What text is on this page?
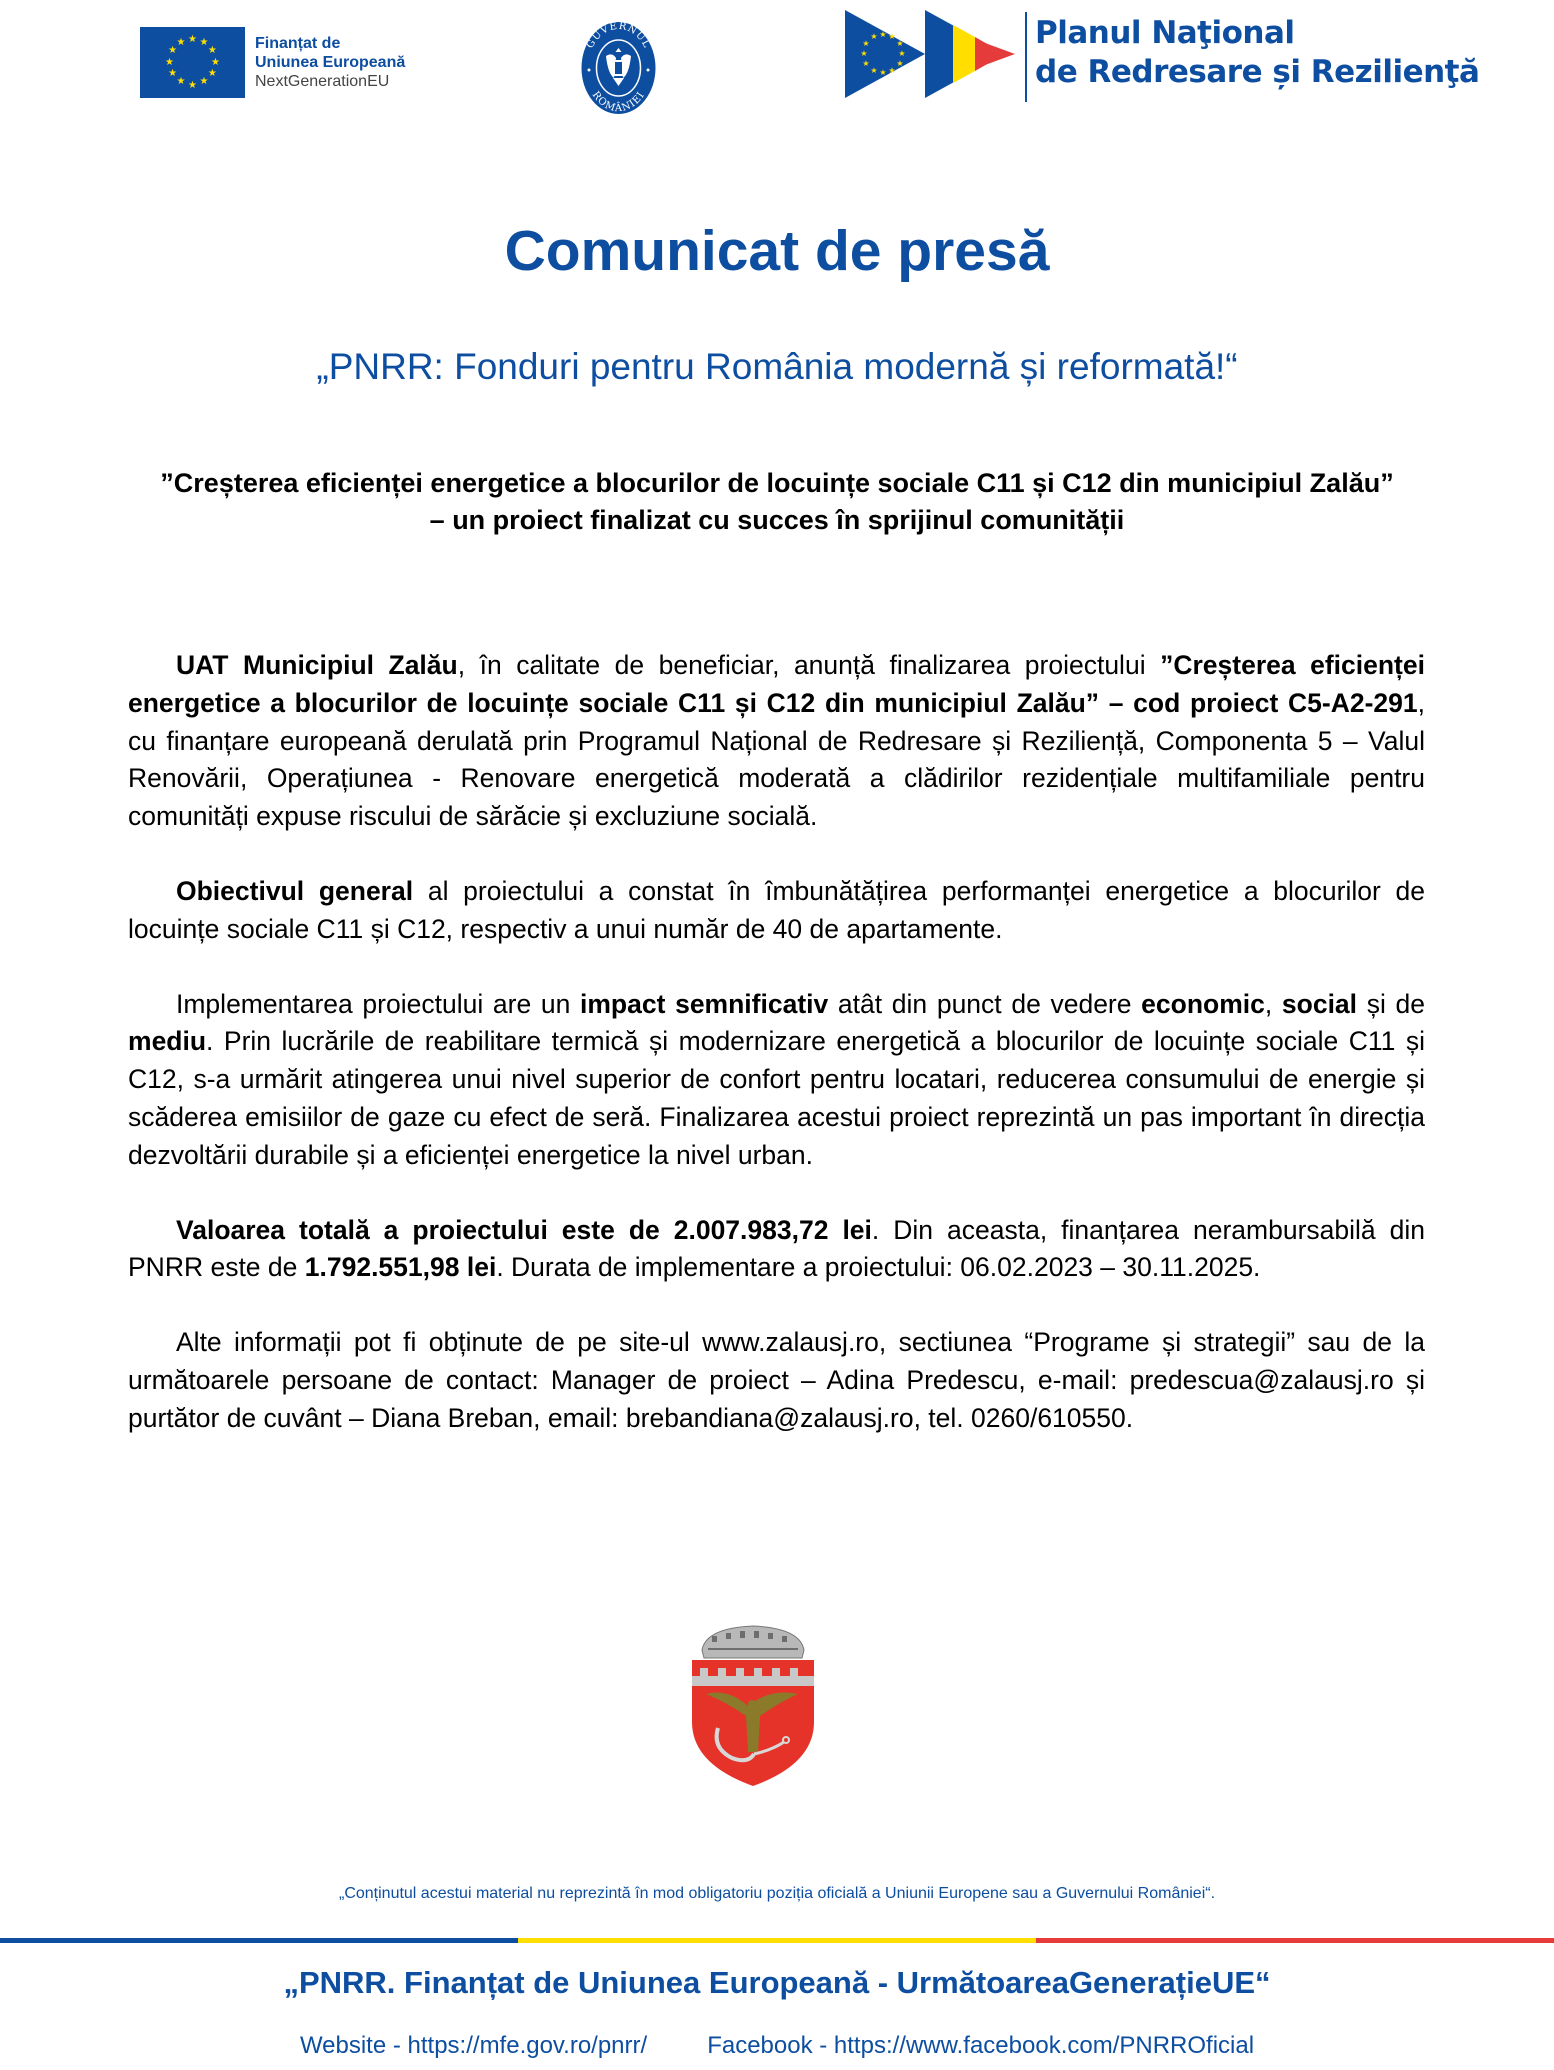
★ ★
★
★
★
★
★
★
★
★
★
★	Finanțat de
Uniunea Europeană
NextGenerationEU
GUVERNUL
ROMÂNIEI
★ ★ ★
★	★
★	★
★	★
★ ★ ★
Planul Naţional
de Redresare și Rezilienţă
Comunicat de presă
„PNRR: Fonduri pentru România modernă și reformată!“
”Creșterea eficienței energetice a blocurilor de locuințe sociale C11 și C12 din municipiul Zalău” – un proiect finalizat cu succes în sprijinul comunității

UAT Municipiul Zalău, în calitate de beneficiar, anunță finalizarea proiectului ”Creșterea eficienței energetice a blocurilor de locuințe sociale C11 și C12 din municipiul Zalău” – cod proiect C5-A2-291, cu finanțare europeană derulată prin Programul Național de Redresare și Reziliență, Componenta 5 – Valul Renovării, Operațiunea - Renovare energetică moderată a clădirilor rezidențiale multifamiliale pentru comunități expuse riscului de sărăcie și excluziune socială.

Obiectivul general al proiectului a constat în îmbunătățirea performanței energetice a blocurilor de locuințe sociale C11 și C12, respectiv a unui număr de 40 de apartamente.

Implementarea proiectului are un impact semnificativ atât din punct de vedere economic, social și de mediu. Prin lucrările de reabilitare termică și modernizare energetică a blocurilor de locuințe sociale C11 și C12, s-a urmărit atingerea unui nivel superior de confort pentru locatari, reducerea consumului de energie și scăderea emisiilor de gaze cu efect de seră. Finalizarea acestui proiect reprezintă un pas important în direcția dezvoltării durabile și a eficienței energetice la nivel urban.

Valoarea totală a proiectului este de 2.007.983,72 lei. Din aceasta, finanțarea nerambursabilă din PNRR este de 1.792.551,98 lei. Durata de implementare a proiectului: 06.02.2023 – 30.11.2025.

Alte informații pot fi obținute de pe site-ul www.zalausj.ro, sectiunea “Programe și strategii” sau de la următoarele persoane de contact: Manager de proiect – Adina Predescu, e-mail: predescua@zalausj.ro și purtător de cuvânt – Diana Breban, email: brebandiana@zalausj.ro, tel. 0260/610550.

„Conținutul acestui material nu reprezintă în mod obligatoriu poziția oficială a Uniunii Europene sau a Guvernului României“.
„PNRR. Finanțat de Uniunea Europeană - UrmătoareaGenerațieUE“
Website - https://mfe.gov.ro/pnrr/	Facebook - https://www.facebook.com/PNRROficial
